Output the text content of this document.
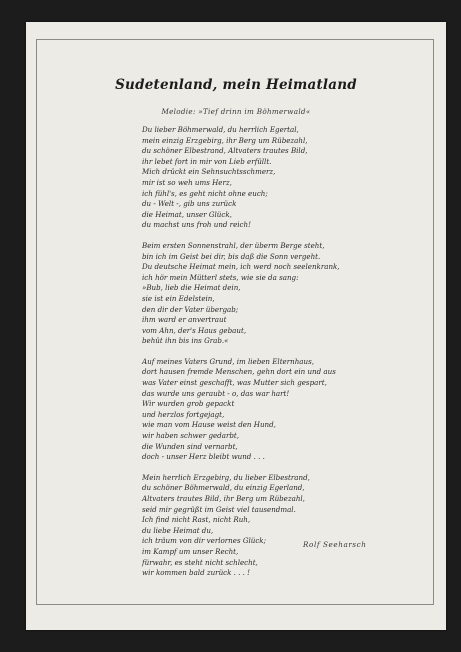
Sudetenland, mein Heimatland
Melodie: »Tief drinn im Böhmerwald«
Du lieber Böhmerwald, du herrlich Egertal,
mein einzig Erzgebirg, ihr Berg um Rübezahl,
du schöner Elbestrand, Altvaters trautes Bild,
ihr lebet fort in mir von Lieb erfüllt.
Mich drückt ein Sehnsuchtsschmerz,
mir ist so weh ums Herz,
ich fühl's, es geht nicht ohne euch;
du - Welt -, gib uns zurück
die Heimat, unser Glück,
du machst uns froh und reich!
Beim ersten Sonnenstrahl, der überm Berge steht,
bin ich im Geist bei dir, bis daß die Sonn vergeht.
Du deutsche Heimat mein, ich werd noch seelenkrank,
ich hör mein Mütterl stets, wie sie da sang:
»Bub, lieb die Heimat dein,
sie ist ein Edelstein,
den dir der Vater übergab;
ihm ward er anvertraut
vom Ahn, der's Haus gebaut,
behüt ihn bis ins Grab.«
Auf meines Vaters Grund, im lieben Elternhaus,
dort hausen fremde Menschen, gehn dort ein und aus
was Vater einst geschafft, was Mutter sich gespart,
das wurde uns geraubt - o, das war hart!
Wir wurden grob gepackt
und herzlos fortgejagt,
wie man vom Hause weist den Hund,
wir haben schwer gedarbt,
die Wunden sind vernarbt,
doch - unser Herz bleibt wund . . .
Mein herrlich Erzgebirg, du lieber Elbestrand,
du schöner Böhmerwald, du einzig Egerland,
Altvaters trautes Bild, ihr Berg um Rübezahl,
seid mir gegrüßt im Geist viel tausendmal.
Ich find nicht Rast, nicht Ruh,
du liebe Heimat du,
ich träum von dir verlornes Glück;
im Kampf um unser Recht,
fürwahr, es steht nicht schlecht,
wir kommen bald zurück . . . !
Rolf Seeharsch
